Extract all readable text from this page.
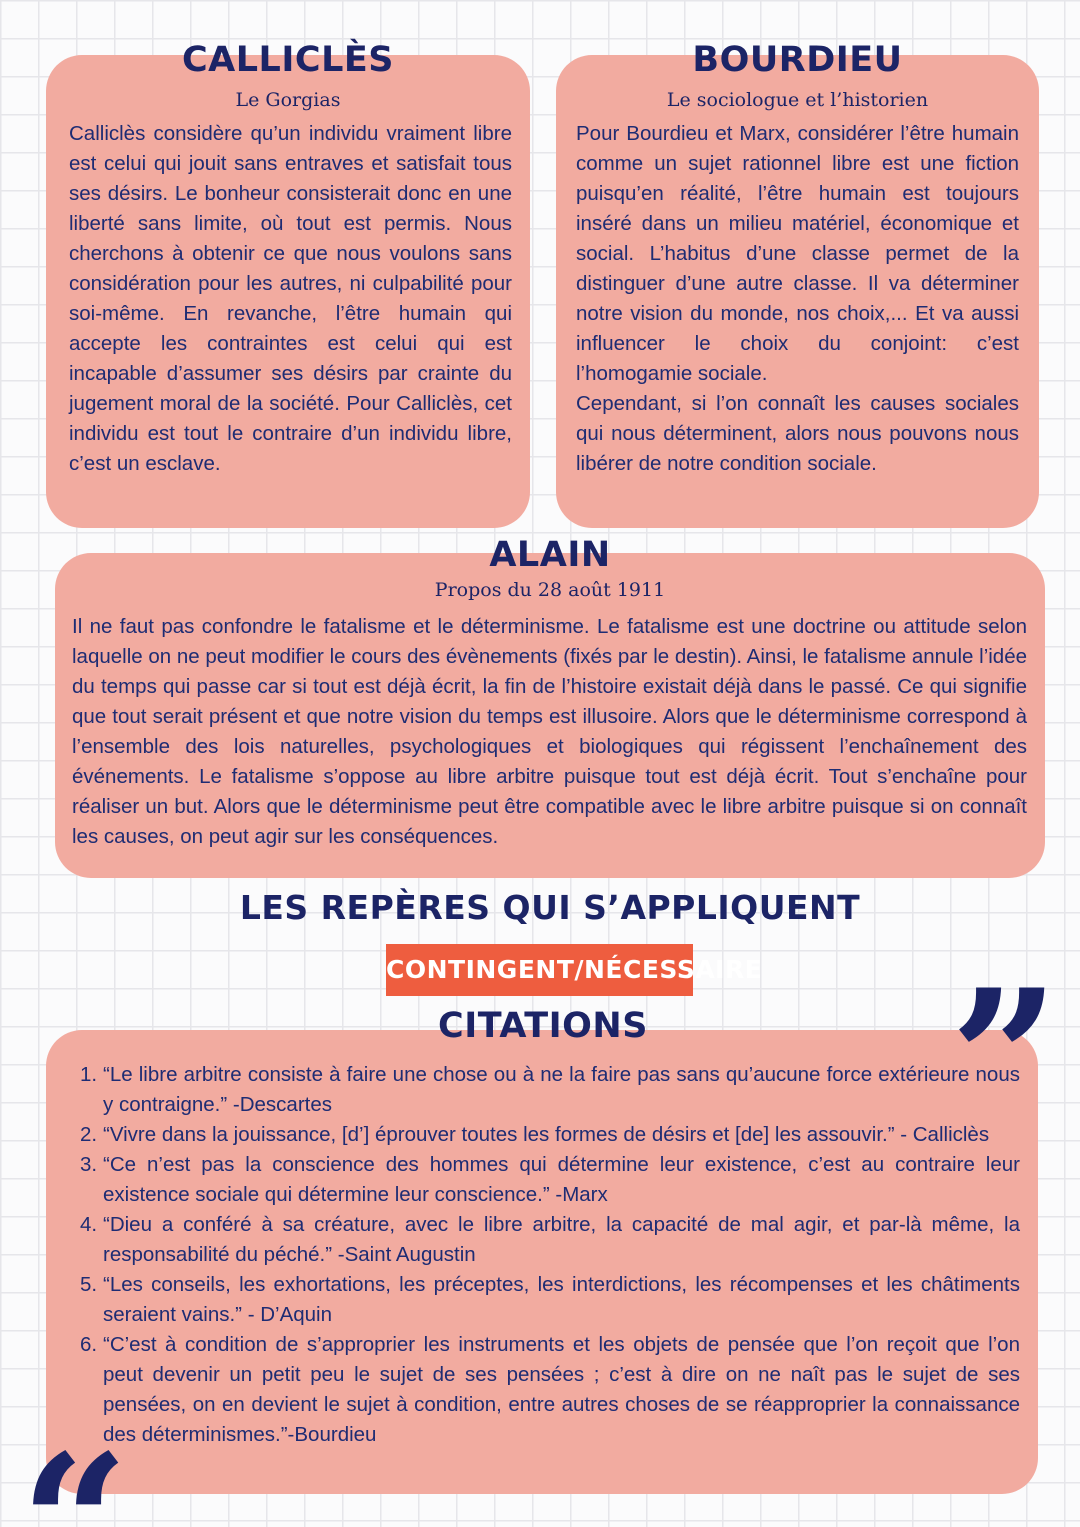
CALLICLÈS
Le Gorgias

Calliclès considère qu’un individu vraiment libre est celui qui jouit sans entraves et satisfait tous ses désirs. Le bonheur consisterait donc en une liberté sans limite, où tout est permis. Nous cherchons à obtenir ce que nous voulons sans considération pour les autres, ni culpabilité pour soi-même. En revanche, l’être humain qui accepte les contraintes est celui qui est incapable d’assumer ses désirs par crainte du jugement moral de la société. Pour Calliclès, cet individu est tout le contraire d’un individu libre, c’est un esclave.

BOURDIEU
Le sociologue et l’historien

Pour Bourdieu et Marx, considérer l’être humain comme un sujet rationnel libre est une fiction puisqu’en réalité, l’être humain est toujours inséré dans un milieu matériel, économique et social. L’habitus d’une classe permet de la distinguer d’une autre classe. Il va déterminer notre vision du monde, nos choix,... Et va aussi influencer le choix du conjoint: c’est l’homogamie sociale.

Cependant, si l’on connaît les causes sociales qui nous déterminent, alors nous pouvons nous libérer de notre condition sociale.

ALAIN
Propos du 28 août 1911

Il ne faut pas confondre le fatalisme et le déterminisme. Le fatalisme est une doctrine ou attitude selon laquelle on ne peut modifier le cours des évènements (fixés par le destin). Ainsi, le fatalisme annule l’idée du temps qui passe car si tout est déjà écrit, la fin de l’histoire existait déjà dans le passé. Ce qui signifie que tout serait présent et que notre vision du temps est illusoire. Alors que le déterminisme correspond à l’ensemble des lois naturelles, psychologiques et biologiques qui régissent l’enchaînement des événements. Le fatalisme s’oppose au libre arbitre puisque tout est déjà écrit. Tout s’enchaîne pour réaliser un but. Alors que le déterminisme peut être compatible avec le libre arbitre puisque si on connaît les causes, on peut agir sur les conséquences.

LES REPÈRES QUI S’APPLIQUENT
CONTINGENT/NÉCESSAIRE
CITATIONS
1. “Le libre arbitre consiste à faire une chose ou à ne la faire pas sans qu’aucune force extérieure nous y contraigne.” -Descartes
2. “Vivre dans la jouissance, [d’] éprouver toutes les formes de désirs et [de] les assouvir.” - Calliclès
3. “Ce n’est pas la conscience des hommes qui détermine leur existence, c’est au contraire leur existence sociale qui détermine leur conscience.” -Marx
4. “Dieu a conféré à sa créature, avec le libre arbitre, la capacité de mal agir, et par-là même, la responsabilité du péché.” -Saint Augustin
5. “Les conseils, les exhortations, les préceptes, les interdictions, les récompenses et les châtiments seraient vains.” - D’Aquin
6. “C’est à condition de s’approprier les instruments et les objets de pensée que l’on reçoit que l’on peut devenir un petit peu le sujet de ses pensées ; c’est à dire on ne naît pas le sujet de ses pensées, on en devient le sujet à condition, entre autres choses de se réapproprier la connaissance des déterminismes.”-Bourdieu
”
“
